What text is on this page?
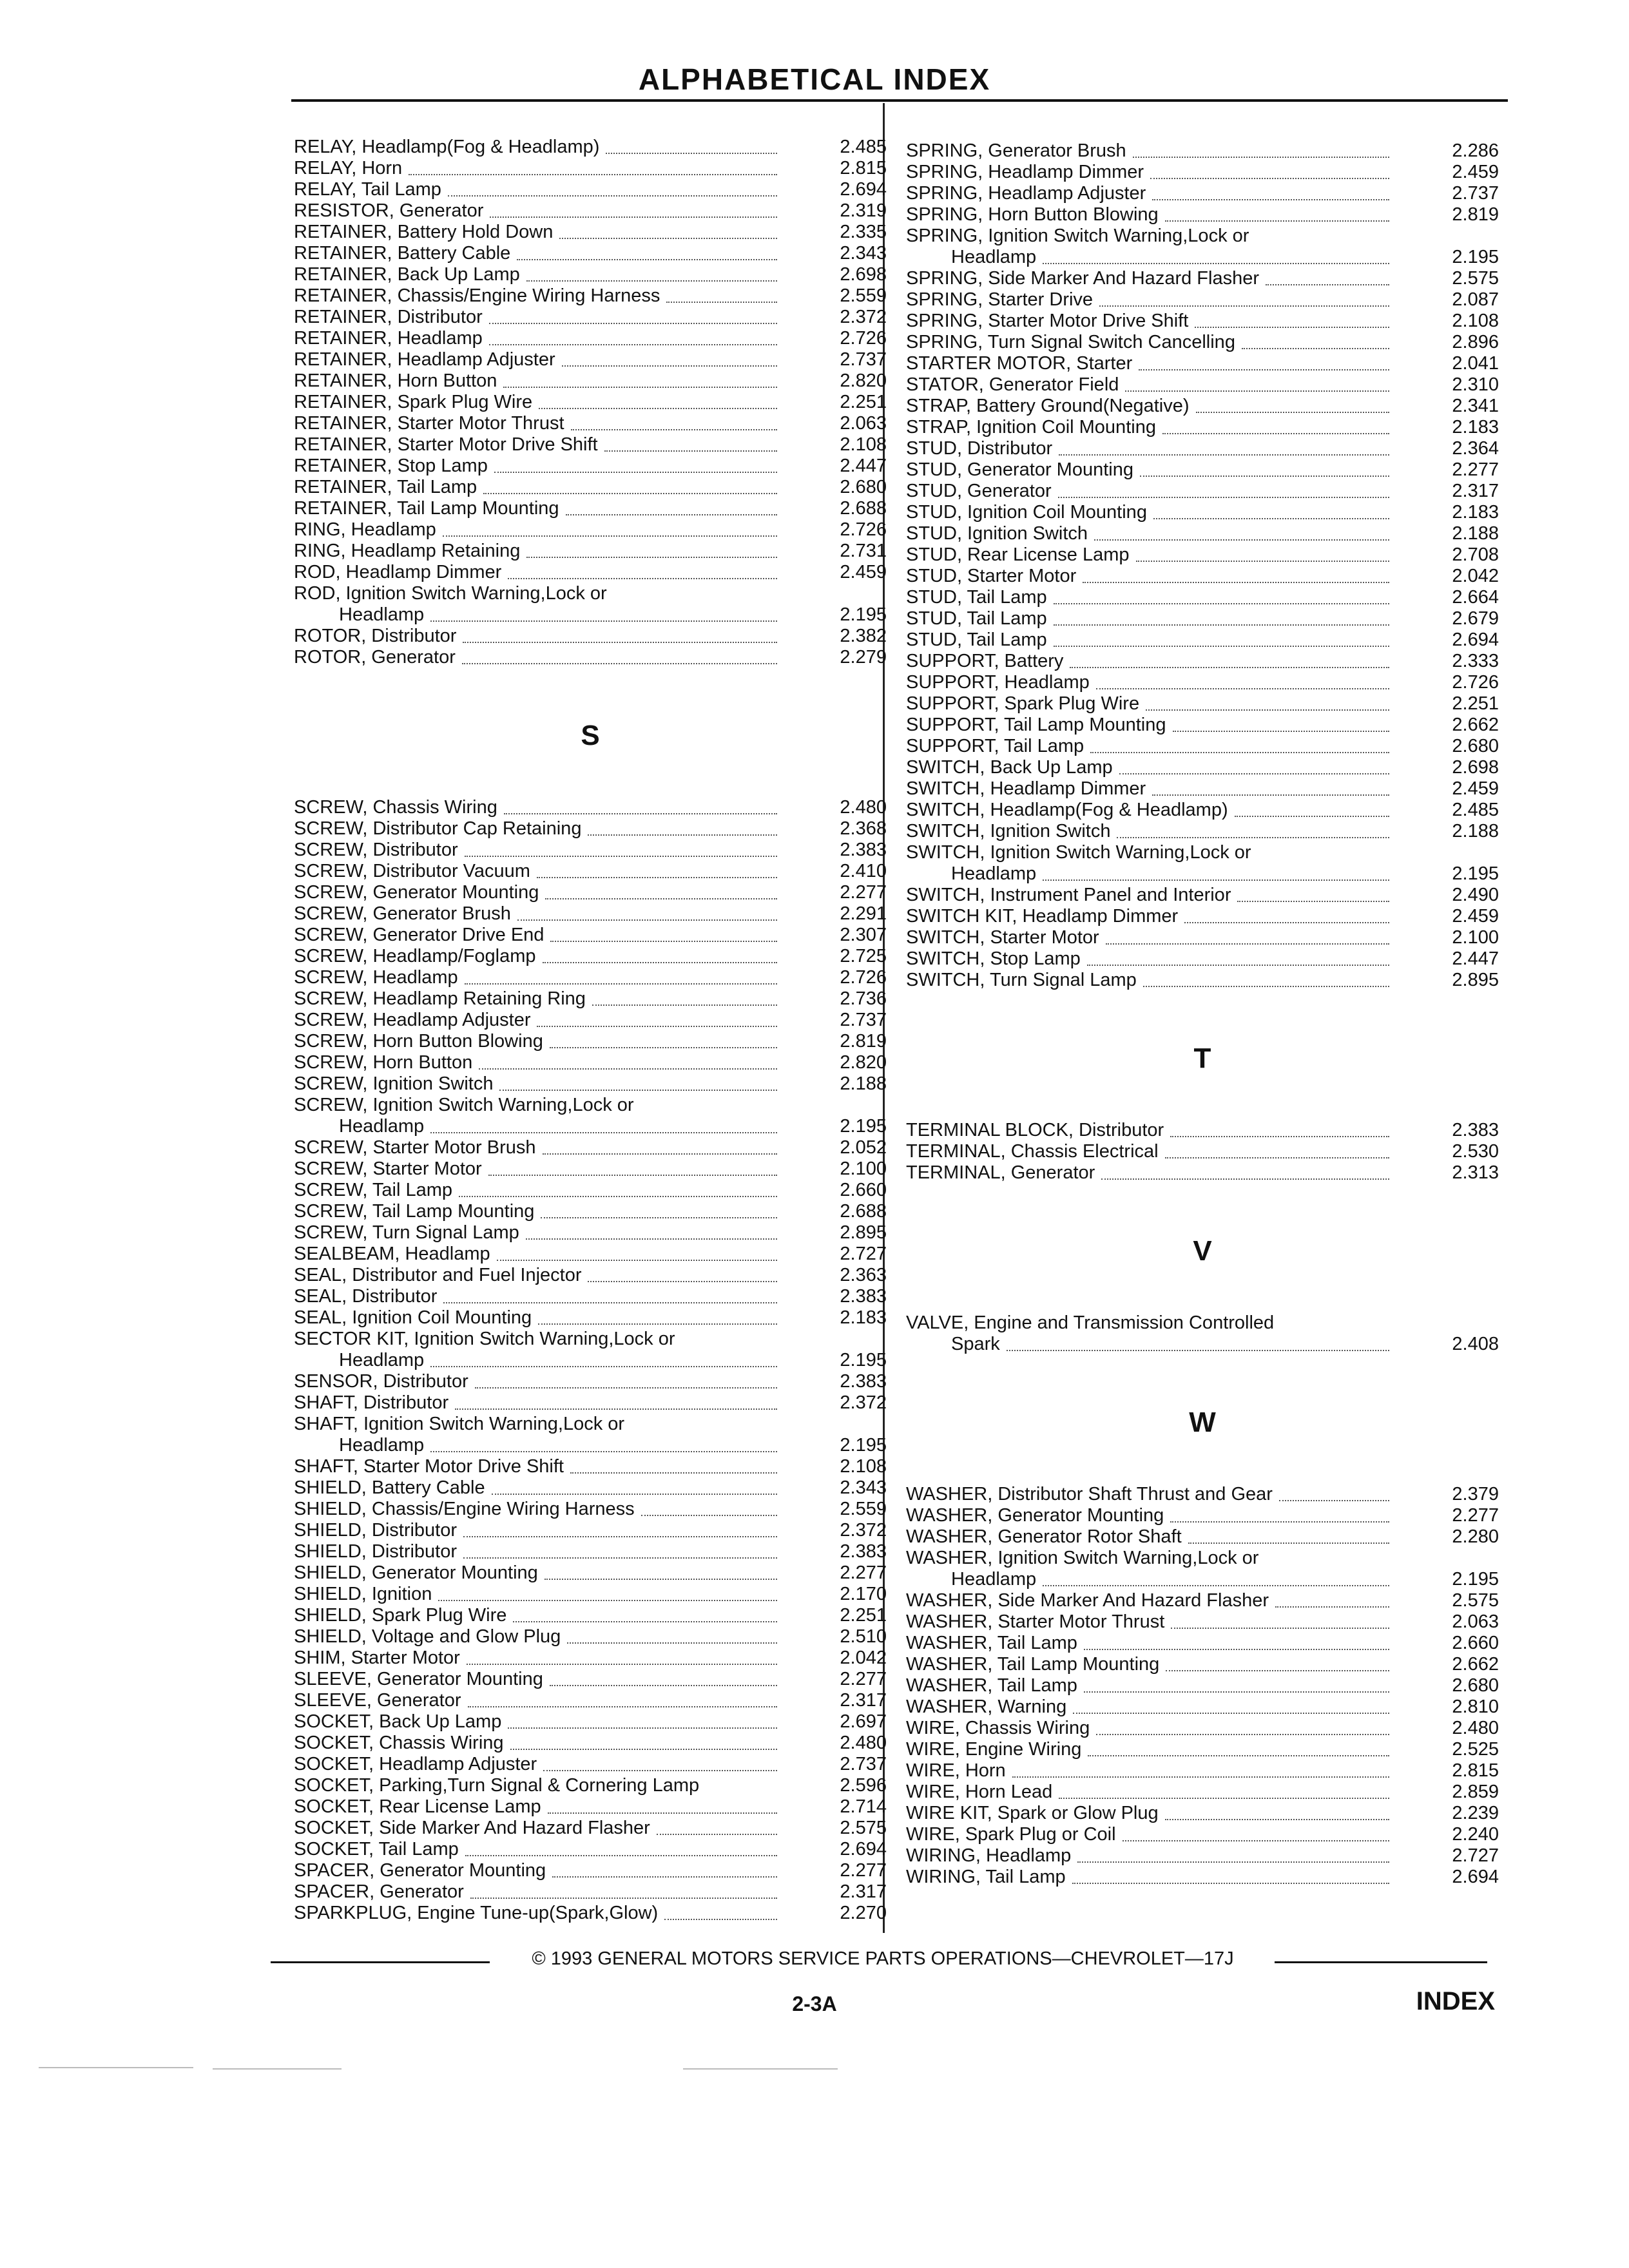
ALPHABETICAL INDEX
RELAY, Headlamp(Fog & Headlamp)	2.485
RELAY, Horn	2.815
RELAY, Tail Lamp	2.694
RESISTOR, Generator	2.319
RETAINER, Battery Hold Down	2.335
RETAINER, Battery Cable	2.343
RETAINER, Back Up Lamp	2.698
RETAINER, Chassis/Engine Wiring Harness	2.559
RETAINER, Distributor	2.372
RETAINER, Headlamp	2.726
RETAINER, Headlamp Adjuster	2.737
RETAINER, Horn Button	2.820
RETAINER, Spark Plug Wire	2.251
RETAINER, Starter Motor Thrust	2.063
RETAINER, Starter Motor Drive Shift	2.108
RETAINER, Stop Lamp	2.447
RETAINER, Tail Lamp	2.680
RETAINER, Tail Lamp Mounting	2.688
RING, Headlamp	2.726
RING, Headlamp Retaining	2.731
ROD, Headlamp Dimmer	2.459
ROD, Ignition Switch Warning,Lock or
Headlamp	2.195
ROTOR, Distributor	2.382
ROTOR, Generator	2.279
S
SCREW, Chassis Wiring	2.480
SCREW, Distributor Cap Retaining	2.368
SCREW, Distributor	2.383
SCREW, Distributor Vacuum	2.410
SCREW, Generator Mounting	2.277
SCREW, Generator Brush	2.291
SCREW, Generator Drive End	2.307
SCREW, Headlamp/Foglamp	2.725
SCREW, Headlamp	2.726
SCREW, Headlamp Retaining Ring	2.736
SCREW, Headlamp Adjuster	2.737
SCREW, Horn Button Blowing	2.819
SCREW, Horn Button	2.820
SCREW, Ignition Switch	2.188
SCREW, Ignition Switch Warning,Lock or
Headlamp	2.195
SCREW, Starter Motor Brush	2.052
SCREW, Starter Motor	2.100
SCREW, Tail Lamp	2.660
SCREW, Tail Lamp Mounting	2.688
SCREW, Turn Signal Lamp	2.895
SEALBEAM, Headlamp	2.727
SEAL, Distributor and Fuel Injector	2.363
SEAL, Distributor	2.383
SEAL, Ignition Coil Mounting	2.183
SECTOR KIT, Ignition Switch Warning,Lock or
Headlamp	2.195
SENSOR, Distributor	2.383
SHAFT, Distributor	2.372
SHAFT, Ignition Switch Warning,Lock or
Headlamp	2.195
SHAFT, Starter Motor Drive Shift	2.108
SHIELD, Battery Cable	2.343
SHIELD, Chassis/Engine Wiring Harness	2.559
SHIELD, Distributor	2.372
SHIELD, Distributor	2.383
SHIELD, Generator Mounting	2.277
SHIELD, Ignition	2.170
SHIELD, Spark Plug Wire	2.251
SHIELD, Voltage and Glow Plug	2.510
SHIM, Starter Motor	2.042
SLEEVE, Generator Mounting	2.277
SLEEVE, Generator	2.317
SOCKET, Back Up Lamp	2.697
SOCKET, Chassis Wiring	2.480
SOCKET, Headlamp Adjuster	2.737
SOCKET, Parking,Turn Signal & Cornering Lamp	2.596
SOCKET, Rear License Lamp	2.714
SOCKET, Side Marker And Hazard Flasher	2.575
SOCKET, Tail Lamp	2.694
SPACER, Generator Mounting	2.277
SPACER, Generator	2.317
SPARKPLUG, Engine Tune-up(Spark,Glow)	2.270
SPRING, Generator Brush	2.286
SPRING, Headlamp Dimmer	2.459
SPRING, Headlamp Adjuster	2.737
SPRING, Horn Button Blowing	2.819
SPRING, Ignition Switch Warning,Lock or
Headlamp	2.195
SPRING, Side Marker And Hazard Flasher	2.575
SPRING, Starter Drive	2.087
SPRING, Starter Motor Drive Shift	2.108
SPRING, Turn Signal Switch Cancelling	2.896
STARTER MOTOR, Starter	2.041
STATOR, Generator Field	2.310
STRAP, Battery Ground(Negative)	2.341
STRAP, Ignition Coil Mounting	2.183
STUD, Distributor	2.364
STUD, Generator Mounting	2.277
STUD, Generator	2.317
STUD, Ignition Coil Mounting	2.183
STUD, Ignition Switch	2.188
STUD, Rear License Lamp	2.708
STUD, Starter Motor	2.042
STUD, Tail Lamp	2.664
STUD, Tail Lamp	2.679
STUD, Tail Lamp	2.694
SUPPORT, Battery	2.333
SUPPORT, Headlamp	2.726
SUPPORT, Spark Plug Wire	2.251
SUPPORT, Tail Lamp Mounting	2.662
SUPPORT, Tail Lamp	2.680
SWITCH, Back Up Lamp	2.698
SWITCH, Headlamp Dimmer	2.459
SWITCH, Headlamp(Fog & Headlamp)	2.485
SWITCH, Ignition Switch	2.188
SWITCH, Ignition Switch Warning,Lock or
Headlamp	2.195
SWITCH, Instrument Panel and Interior	2.490
SWITCH KIT, Headlamp Dimmer	2.459
SWITCH, Starter Motor	2.100
SWITCH, Stop Lamp	2.447
SWITCH, Turn Signal Lamp	2.895
T
TERMINAL BLOCK, Distributor	2.383
TERMINAL, Chassis Electrical	2.530
TERMINAL, Generator	2.313
V
VALVE, Engine and Transmission Controlled
Spark	2.408
W
WASHER, Distributor Shaft Thrust and Gear	2.379
WASHER, Generator Mounting	2.277
WASHER, Generator Rotor Shaft	2.280
WASHER, Ignition Switch Warning,Lock or
Headlamp	2.195
WASHER, Side Marker And Hazard Flasher	2.575
WASHER, Starter Motor Thrust	2.063
WASHER, Tail Lamp	2.660
WASHER, Tail Lamp Mounting	2.662
WASHER, Tail Lamp	2.680
WASHER, Warning	2.810
WIRE, Chassis Wiring	2.480
WIRE, Engine Wiring	2.525
WIRE, Horn	2.815
WIRE, Horn Lead	2.859
WIRE KIT, Spark or Glow Plug	2.239
WIRE, Spark Plug or Coil	2.240
WIRING, Headlamp	2.727
WIRING, Tail Lamp	2.694
© 1993 GENERAL MOTORS SERVICE PARTS OPERATIONS—CHEVROLET—17J
2-3A	INDEX
